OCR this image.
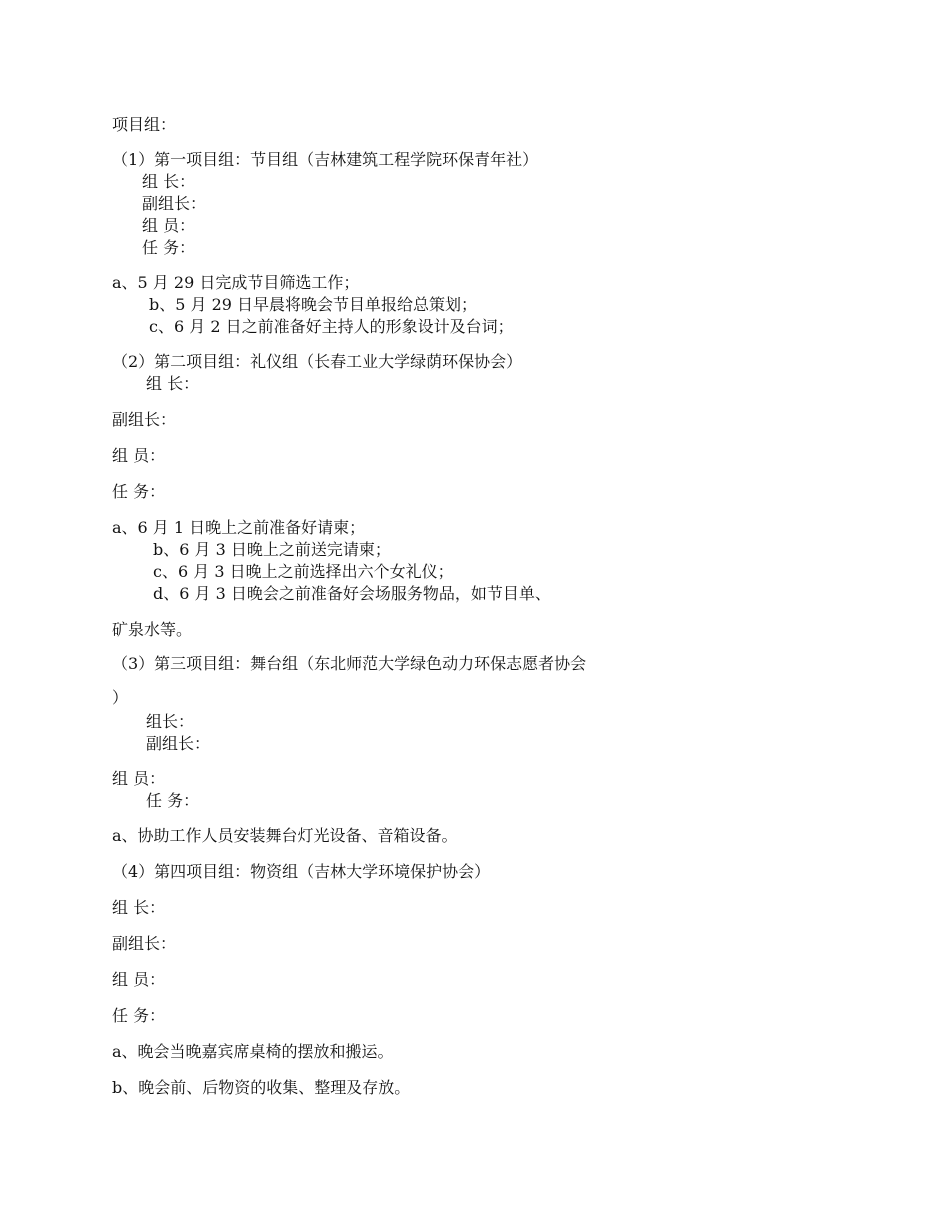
项目组：
（1）第一项目组：节目组（吉林建筑工程学院环保青年社）
组 长：
副组长：
组 员：
任 务：
a、5 月 29 日完成节目筛选工作；
b、5 月 29 日早晨将晚会节目单报给总策划；
c、6 月 2 日之前准备好主持人的形象设计及台词；
（2）第二项目组：礼仪组（长春工业大学绿荫环保协会）
组 长：
副组长：
组 员：
任 务：
a、6 月 1 日晚上之前准备好请柬；
b、6 月 3 日晚上之前送完请柬；
c、6 月 3 日晚上之前选择出六个女礼仪；
d、6 月 3 日晚会之前准备好会场服务物品，如节目单、
矿泉水等。
（3）第三项目组：舞台组（东北师范大学绿色动力环保志愿者协会
）
组长：
副组长：
组 员：
任 务：
a、协助工作人员安装舞台灯光设备、音箱设备。
（4）第四项目组：物资组（吉林大学环境保护协会）
组 长：
副组长：
组 员：
任 务：
a、晚会当晚嘉宾席桌椅的摆放和搬运。
b、晚会前、后物资的收集、整理及存放。
